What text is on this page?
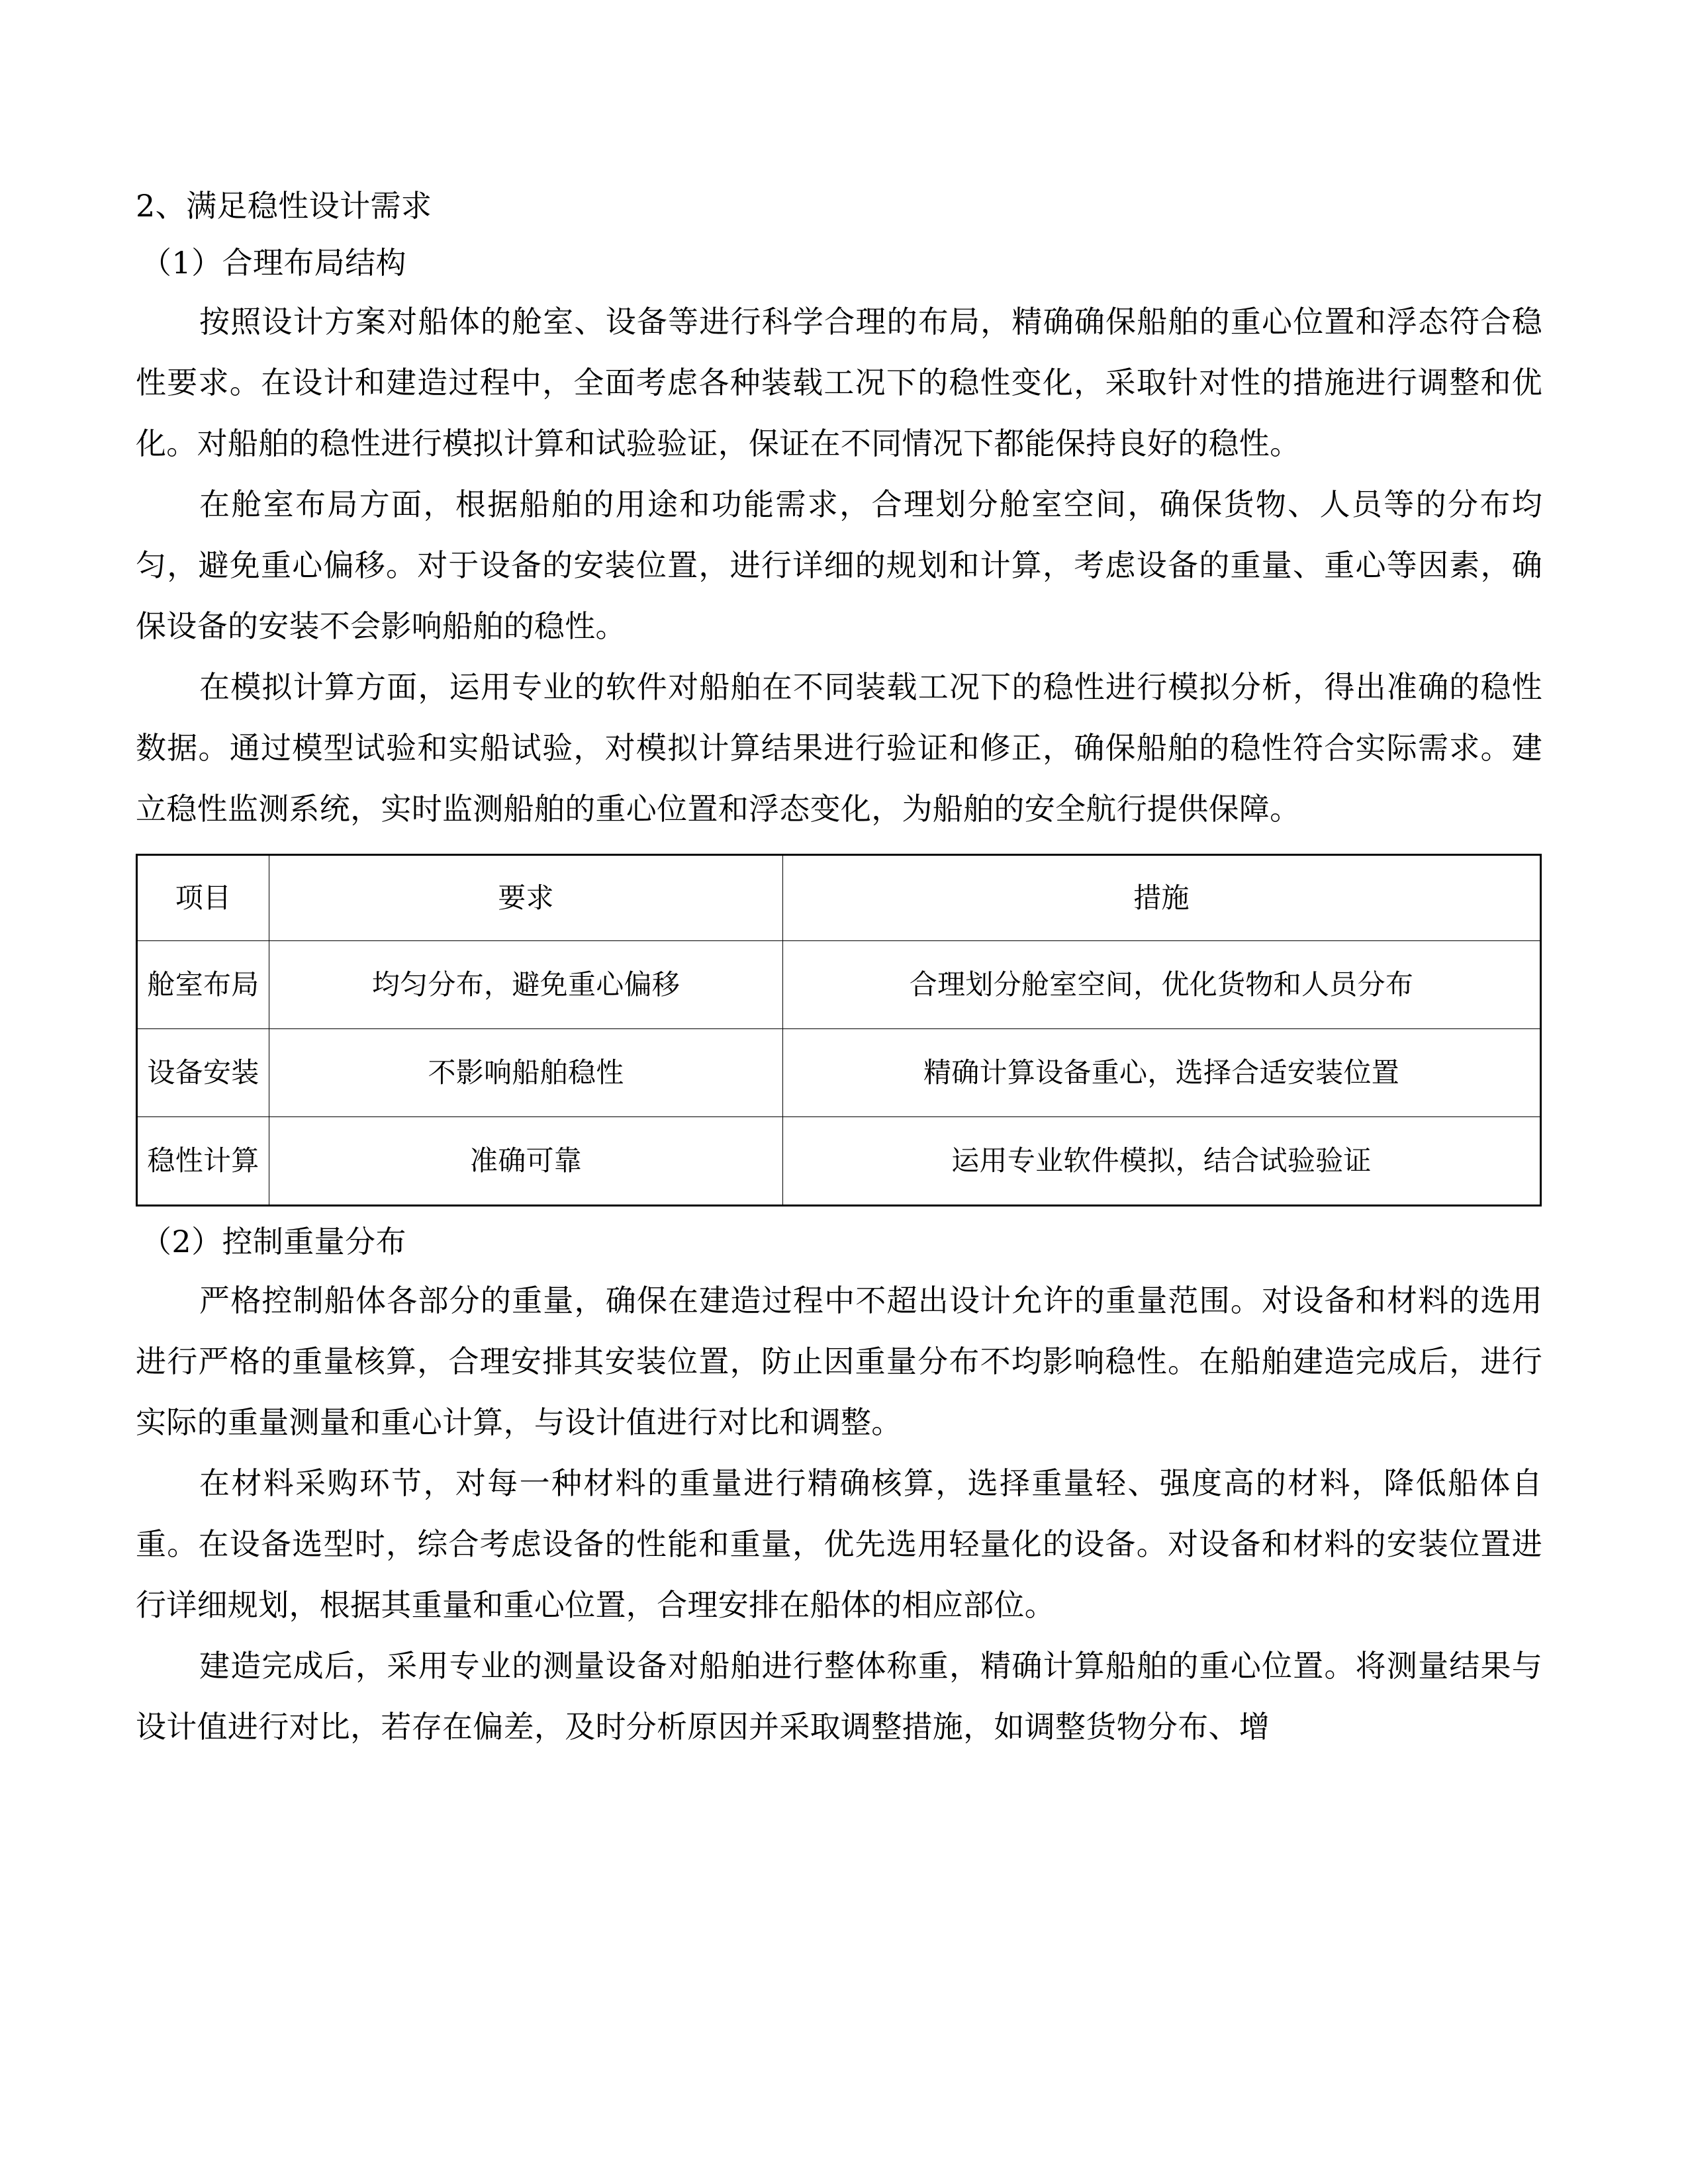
2、满足稳性设计需求
（1）合理布局结构
按照设计方案对船体的舱室、设备等进行科学合理的布局，精确确保船舶的重心位置和浮态符合稳性要求。在设计和建造过程中，全面考虑各种装载工况下的稳性变化，采取针对性的措施进行调整和优化。对船舶的稳性进行模拟计算和试验验证，保证在不同情况下都能保持良好的稳性。
在舱室布局方面，根据船舶的用途和功能需求，合理划分舱室空间，确保货物、人员等的分布均匀，避免重心偏移。对于设备的安装位置，进行详细的规划和计算，考虑设备的重量、重心等因素，确保设备的安装不会影响船舶的稳性。
在模拟计算方面，运用专业的软件对船舶在不同装载工况下的稳性进行模拟分析，得出准确的稳性数据。通过模型试验和实船试验，对模拟计算结果进行验证和修正，确保船舶的稳性符合实际需求。建立稳性监测系统，实时监测船舶的重心位置和浮态变化，为船舶的安全航行提供保障。
项目	要求	措施
舱室布局	均匀分布，避免重心偏移	合理划分舱室空间，优化货物和人员分布
设备安装	不影响船舶稳性	精确计算设备重心，选择合适安装位置
稳性计算	准确可靠	运用专业软件模拟，结合试验验证
（2）控制重量分布
严格控制船体各部分的重量，确保在建造过程中不超出设计允许的重量范围。对设备和材料的选用进行严格的重量核算，合理安排其安装位置，防止因重量分布不均影响稳性。在船舶建造完成后，进行实际的重量测量和重心计算，与设计值进行对比和调整。
在材料采购环节，对每一种材料的重量进行精确核算，选择重量轻、强度高的材料，降低船体自重。在设备选型时，综合考虑设备的性能和重量，优先选用轻量化的设备。对设备和材料的安装位置进行详细规划，根据其重量和重心位置，合理安排在船体的相应部位。
建造完成后，采用专业的测量设备对船舶进行整体称重，精确计算船舶的重心位置。将测量结果与设计值进行对比，若存在偏差，及时分析原因并采取调整措施，如调整货物分布、增
